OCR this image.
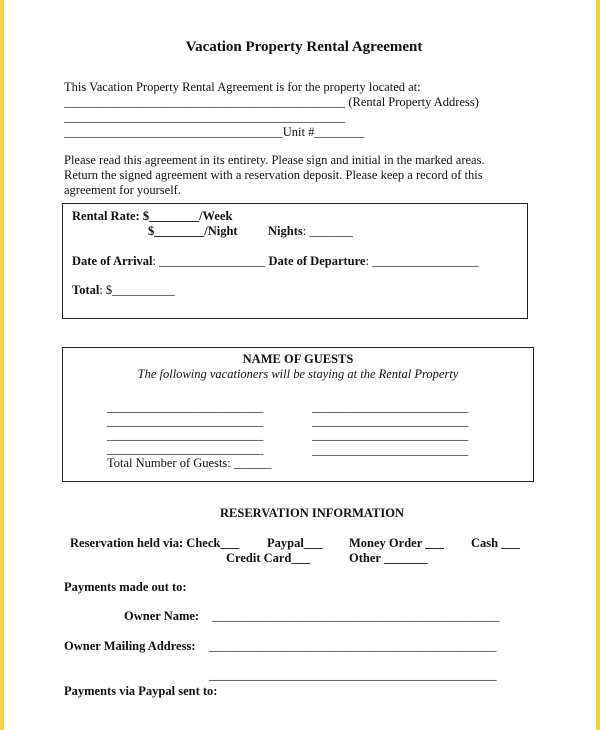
Vacation Property Rental Agreement
This Vacation Property Rental Agreement is for the property located at:
_____________________________________________ (Rental Property Address)
_____________________________________________
___________________________________Unit #________
Please read this agreement in its entirety. Please sign and initial in the marked areas.
Return the signed agreement with a reservation deposit. Please keep a record of this
agreement for yourself.
Rental Rate: $________/Week
$________/Night Nights: _______
Date of Arrival: _________________ Date of Departure: _________________
Total: $__________
NAME OF GUESTS
The following vacationers will be staying at the Rental Property
_________________________
_________________________
_________________________
_________________________
Total Number of Guests: ______
_________________________
_________________________
_________________________
_________________________
RESERVATION INFORMATION
Reservation held via: Check___ Paypal___ Money Order ___ Cash ___
Credit Card___	Other _______
Payments made out to:
Owner Name: ______________________________________________
Owner Mailing Address: ______________________________________________
______________________________________________
Payments via Paypal sent to:
